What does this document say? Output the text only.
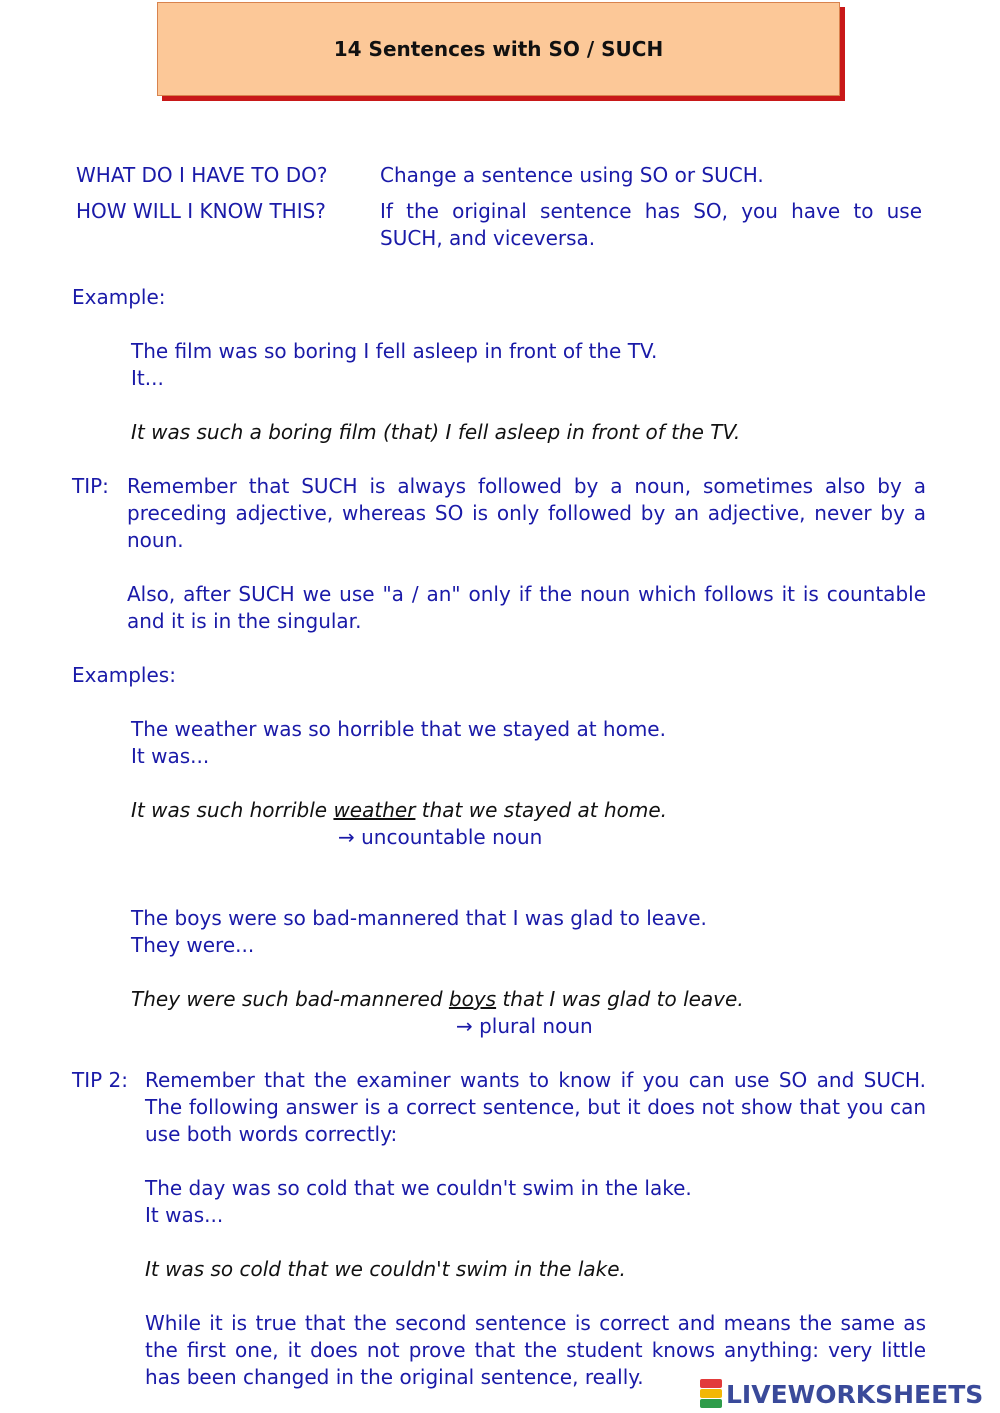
14 Sentences with SO / SUCH
WHAT DO I HAVE TO DO?	Change a sentence using SO or SUCH.
HOW WILL I KNOW THIS?	If the original sentence has SO, you have to use SUCH, and viceversa.
Example:
The film was so boring I fell asleep in front of the TV.
It...
It was such a boring film (that) I fell asleep in front of the TV.
TIP: Remember that SUCH is always followed by a noun, sometimes also by a preceding adjective, whereas SO is only followed by an adjective, never by a noun.
Also, after SUCH we use "a / an" only if the noun which follows it is countable and it is in the singular.
Examples:
The weather was so horrible that we stayed at home.
It was...
It was such horrible weather that we stayed at home.
→ uncountable noun
The boys were so bad-mannered that I was glad to leave.
They were...
They were such bad-mannered boys that I was glad to leave.
→ plural noun
TIP 2: Remember that the examiner wants to know if you can use SO and SUCH. The following answer is a correct sentence, but it does not show that you can use both words correctly:
The day was so cold that we couldn't swim in the lake.
It was...
It was so cold that we couldn't swim in the lake.
While it is true that the second sentence is correct and means the same as the first one, it does not prove that the student knows anything: very little has been changed in the original sentence, really.
LIVEWORKSHEETS
